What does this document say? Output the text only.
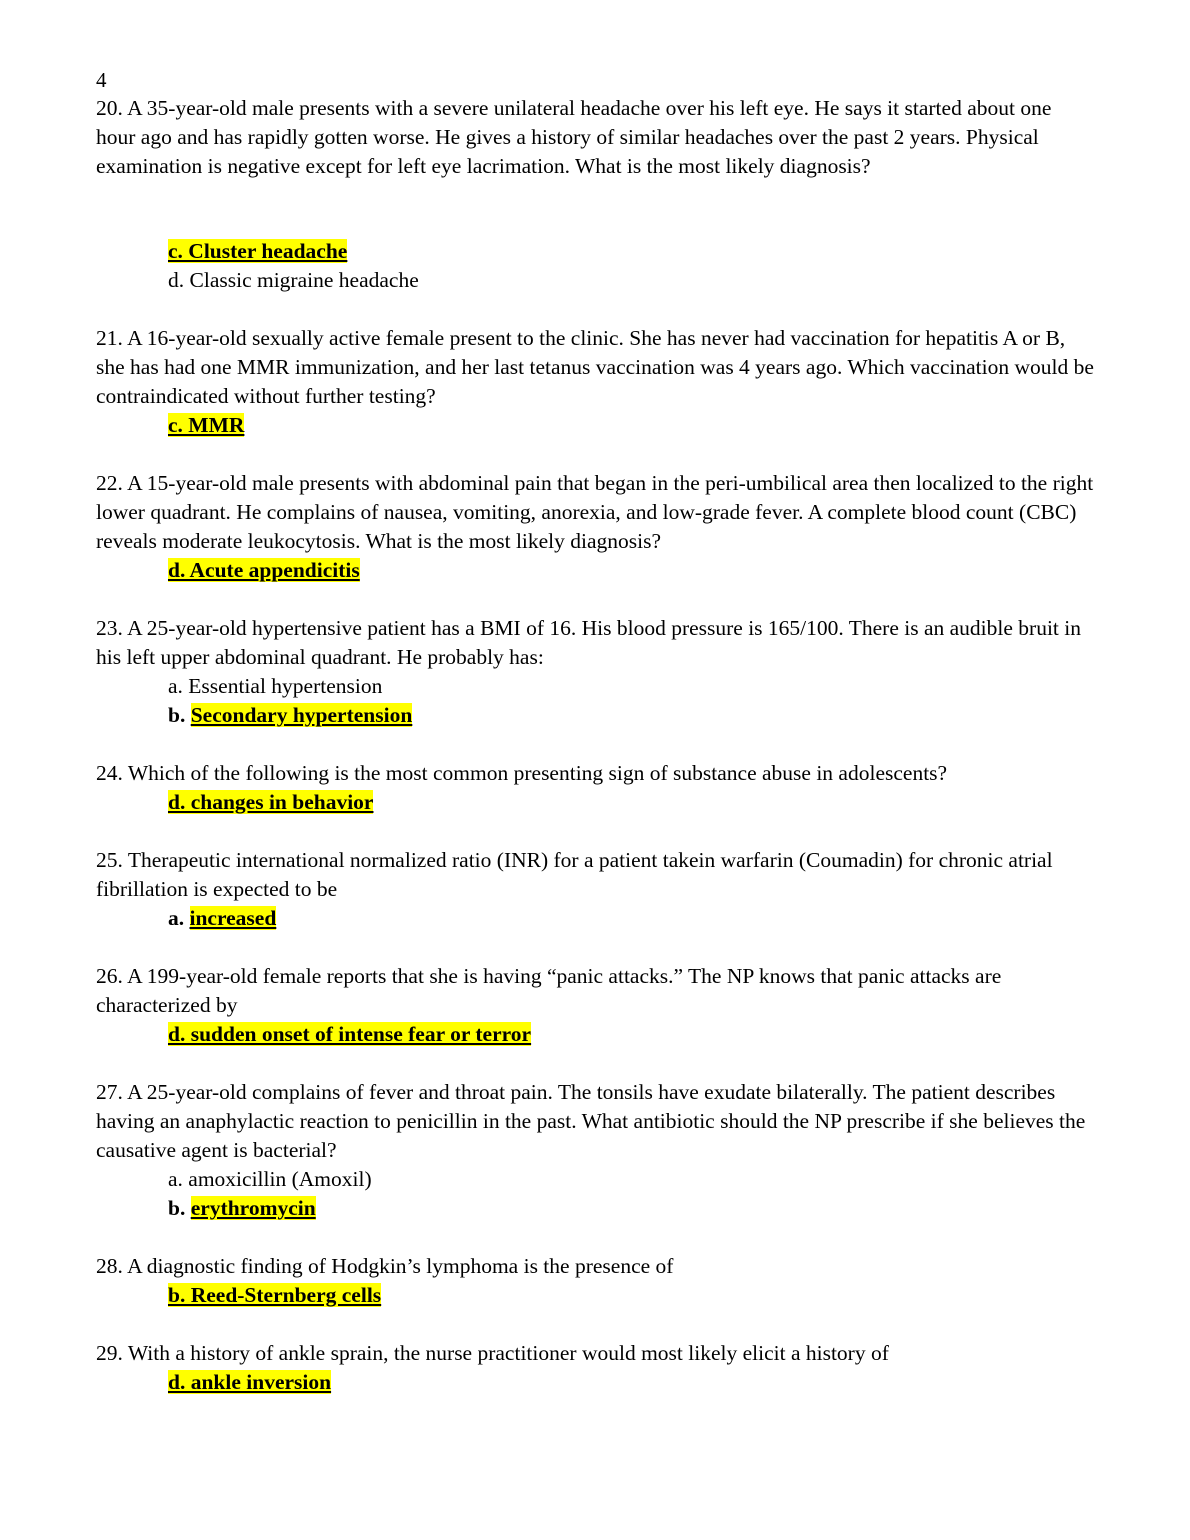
4
20. A 35-year-old male presents with a severe unilateral headache over his left eye. He says it started about one hour ago and has rapidly gotten worse. He gives a history of similar headaches over the past 2 years. Physical examination is negative except for left eye lacrimation. What is the most likely diagnosis?
c. Cluster headache
d. Classic migraine headache
21. A 16-year-old sexually active female present to the clinic. She has never had vaccination for hepatitis A or B, she has had one MMR immunization, and her last tetanus vaccination was 4 years ago. Which vaccination would be contraindicated without further testing?
c. MMR
22. A 15-year-old male presents with abdominal pain that began in the peri-umbilical area then localized to the right lower quadrant. He complains of nausea, vomiting, anorexia, and low-grade fever. A complete blood count (CBC) reveals moderate leukocytosis. What is the most likely diagnosis?
d. Acute appendicitis
23. A 25-year-old hypertensive patient has a BMI of 16. His blood pressure is 165/100. There is an audible bruit in his left upper abdominal quadrant. He probably has:
a. Essential hypertension
b. Secondary hypertension
24. Which of the following is the most common presenting sign of substance abuse in adolescents?
d. changes in behavior
25. Therapeutic international normalized ratio (INR) for a patient takein warfarin (Coumadin) for chronic atrial fibrillation is expected to be
a. increased
26. A 199-year-old female reports that she is having “panic attacks.” The NP knows that panic attacks are characterized by
d. sudden onset of intense fear or terror
27. A 25-year-old complains of fever and throat pain. The tonsils have exudate bilaterally. The patient describes having an anaphylactic reaction to penicillin in the past. What antibiotic should the NP prescribe if she believes the causative agent is bacterial?
a. amoxicillin (Amoxil)
b. erythromycin
28. A diagnostic finding of Hodgkin’s lymphoma is the presence of
b. Reed-Sternberg cells
29. With a history of ankle sprain, the nurse practitioner would most likely elicit a history of
d. ankle inversion
